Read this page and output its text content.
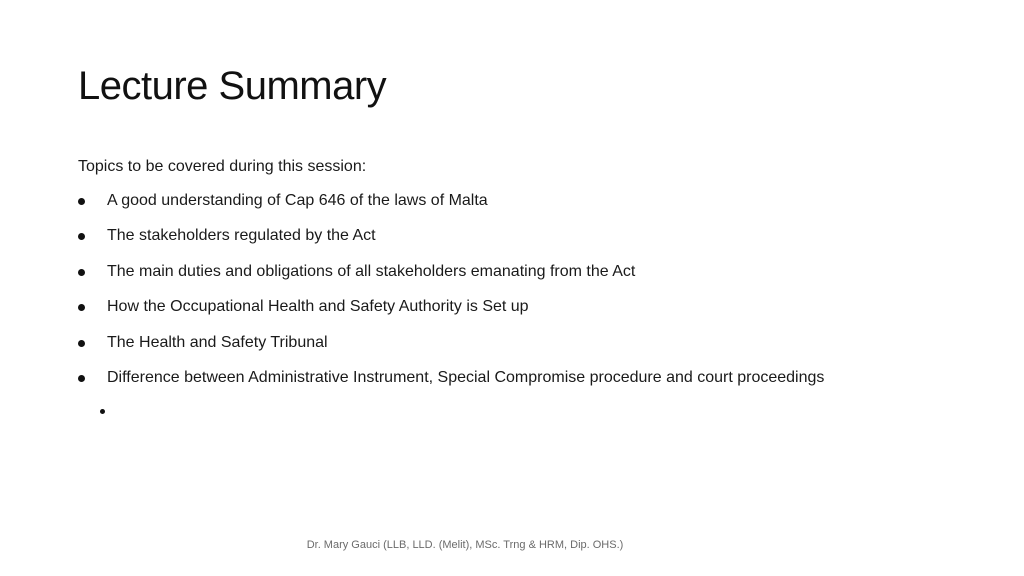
Lecture Summary

Topics to be covered during this session:

A good understanding of Cap 646 of the laws of Malta
The stakeholders regulated by the Act
The main duties and obligations of all stakeholders emanating from the Act
How the Occupational Health and Safety Authority is Set up
The Health and Safety Tribunal
Difference between Administrative Instrument, Special Compromise procedure and court proceedings
Dr. Mary Gauci (LLB, LLD. (Melit), MSc. Trng & HRM, Dip. OHS.)
